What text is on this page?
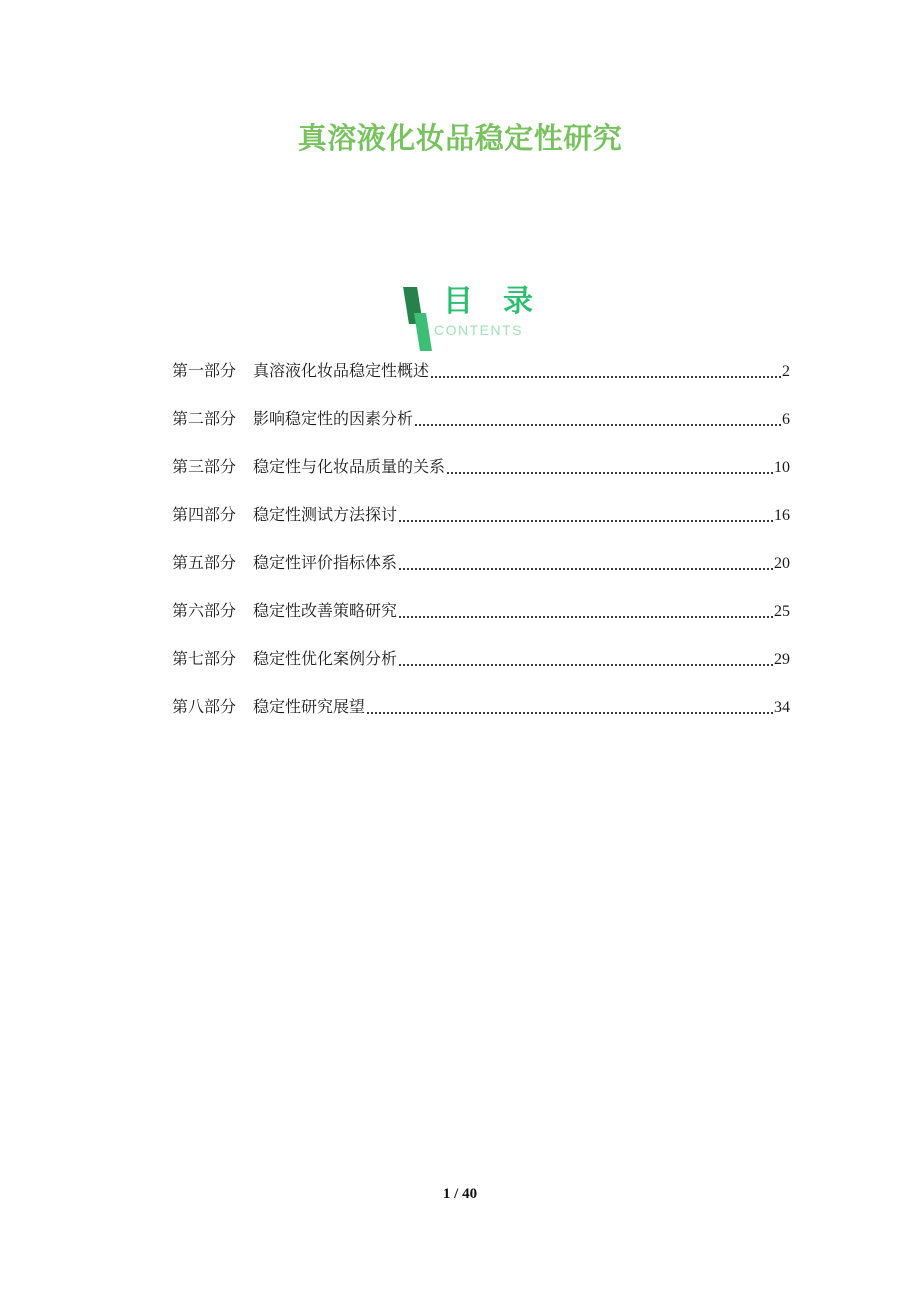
真溶液化妆品稳定性研究
目　录
CONTENTS
第一部分 真溶液化妆品稳定性概述	2
第二部分 影响稳定性的因素分析	6
第三部分 稳定性与化妆品质量的关系	10
第四部分 稳定性测试方法探讨	16
第五部分 稳定性评价指标体系	20
第六部分 稳定性改善策略研究	25
第七部分 稳定性优化案例分析	29
第八部分 稳定性研究展望	34
1 / 40
